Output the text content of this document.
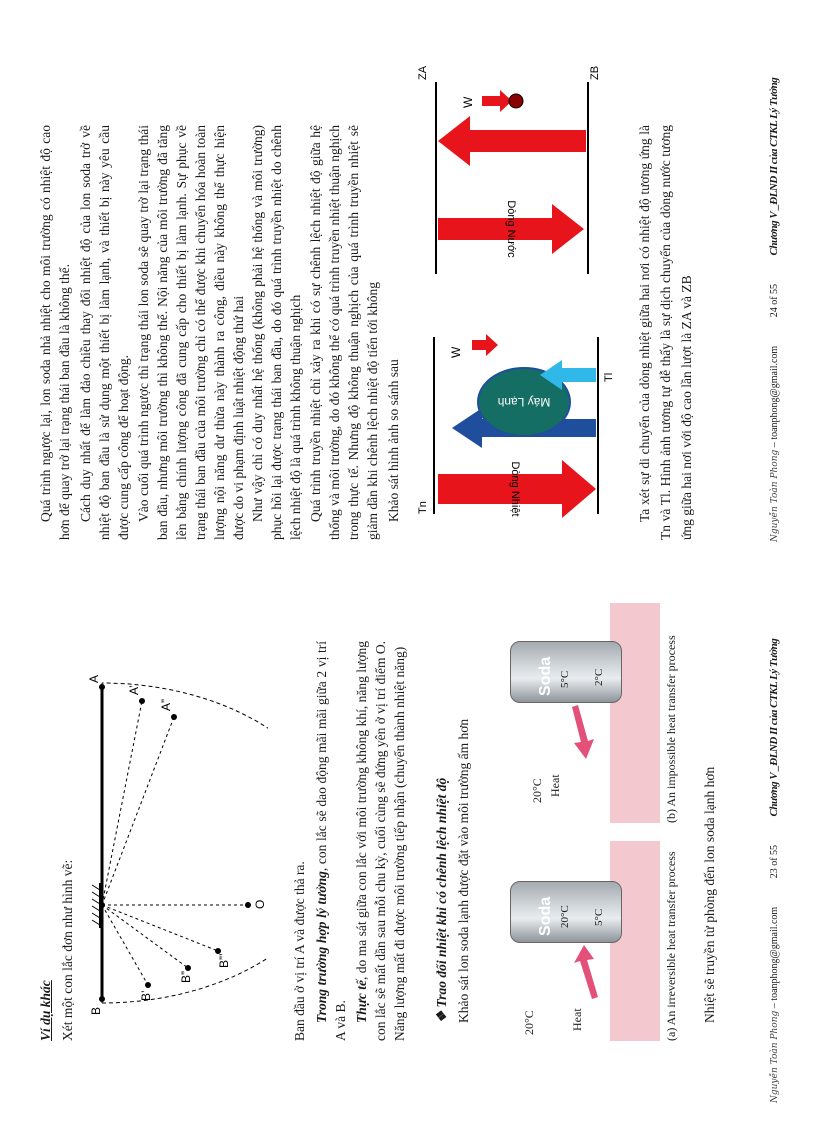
Ví dụ khác Xét một con lắc đơn như hình vẽ: B
B’
B”
B”’
A
A’
A”
O Ban đầu ở vị trí A và được thả ra. Trong trường hợp lý tưởng, con lắc sẽ dao động mãi mãi giữa 2 vị trí A và B. Thực tế, do ma sát giữa con lắc với môi trường không khí, năng lượng con lắc sẽ mất dần sau mỗi chu kỳ, cuối cùng sẽ đứng yên ở vị trí điểm O. Năng lượng mất đi được môi trường tiếp nhận (chuyển thành nhiệt năng) ❖ Trao đổi nhiệt khi có chênh lệch nhiệt độ Khảo sát lon soda lạnh được đặt vào môi trường ấm hơn	Soda 20°C 5°C
20°C	Heat	(a) An irreversible heat transfer process
Soda 5°C 2°C
20°C Heat	(b) An impossible heat transfer process
Nhiệt sẽ truyền từ phòng đến lon soda lạnh hơn
Nguyễn Toàn Phong – toanphong@gmail.com 23 of 55 Chương V _ĐLND II của CTKL Lý Tưởng
Quá trình ngược lại, lon soda nhả nhiệt cho môi trường có nhiệt độ cao hơn để quay trở lại trạng thái ban đầu là không thể. Cách duy nhất để làm đảo chiều thay đổi nhiệt độ của lon soda trở về nhiệt độ ban đầu là sử dụng một thiết bị làm lạnh, và thiết bị này yêu cầu được cung cấp công để hoạt động. Vào cuối quá trình ngược thì trạng thái lon soda sẽ quay trở lại trạng thái ban đầu, nhưng môi trường thì không thể. Nội năng của môi trường đã tăng lên bằng chính lượng công đã cung cấp cho thiết bị làm lạnh. Sự phục về trạng thái ban đầu của môi trường chỉ có thể được khi chuyển hóa hoàn toàn lượng nội năng dư thừa này thành ra công, điều này không thể thực hiện được do vi phạm định luật nhiệt động thứ hai Như vậy chỉ có duy nhất hệ thống (không phải hệ thống và môi trường) phục hồi lại được trạng thái ban đầu, do đó quá trình truyền nhiệt do chênh lệch nhiệt độ là quá trình không thuận nghịch Quá trình truyền nhiệt chỉ xảy ra khi có sự chênh lệch nhiệt độ giữa hệ thống và môi trường, do đó không thể có quá trình truyền nhiệt thuận nghịch trong thực tế. Nhưng độ không thuận nghịch của quá trình truyền nhiệt sẽ giảm dần khi chênh lệch nhiệt độ tiến tới không Khảo sát hình ảnh so sánh sau Tn
Tl
Dòng Nhiệt
Máy Lạnh
W
ZA	ZB
Dòng Nước
W
Ta xét sự di chuyển của dòng nhiệt giữa hai nơi có nhiệt độ tương ứng là Tn và Tl. Hình ảnh tương tự dễ thấy là sự dịch chuyển của dòng nước tương ứng giữa hai nơi với độ cao lần lượt là ZA và ZB	Nguyễn Toàn Phong – toanphong@gmail.com 24 of 55 Chương V _ĐLND II của CTKL Lý Tưởng
